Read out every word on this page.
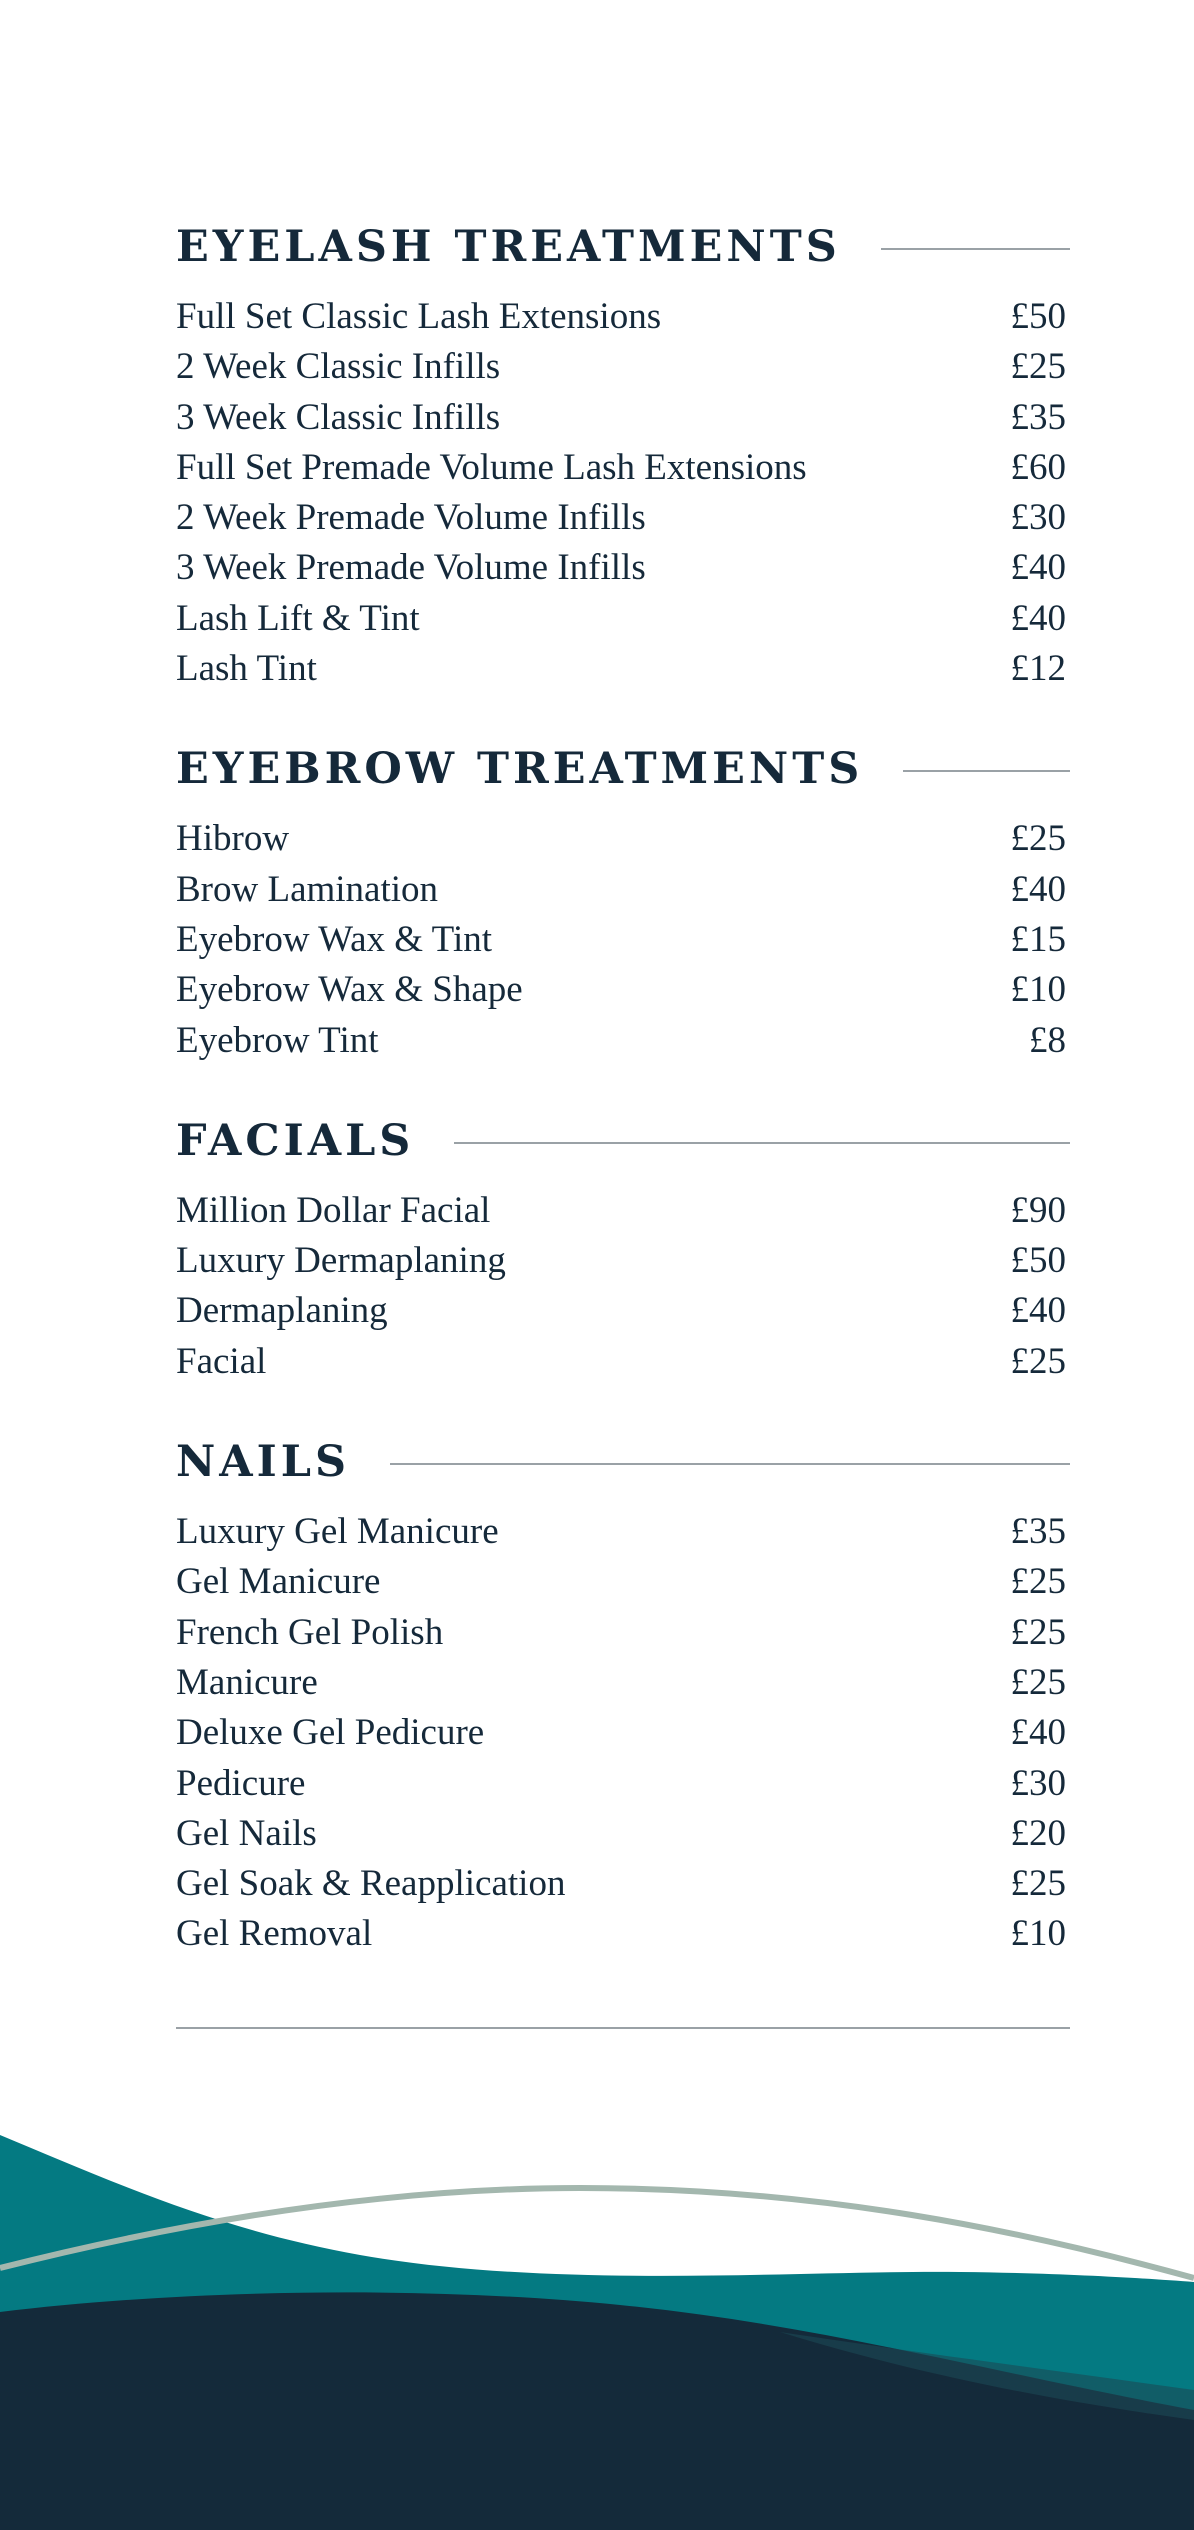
EYELASH TREATMENTS
Full Set Classic Lash Extensions	£50
2 Week Classic Infills	£25
3 Week Classic Infills	£35
Full Set Premade Volume Lash Extensions	£60
2 Week Premade Volume Infills	£30
3 Week Premade Volume Infills	£40
Lash Lift & Tint	£40
Lash Tint	£12
EYEBROW TREATMENTS
Hibrow	£25
Brow Lamination	£40
Eyebrow Wax & Tint	£15
Eyebrow Wax & Shape	£10
Eyebrow Tint	£8
FACIALS
Million Dollar Facial	£90
Luxury Dermaplaning	£50
Dermaplaning	£40
Facial	£25
NAILS
Luxury Gel Manicure	£35
Gel Manicure	£25
French Gel Polish	£25
Manicure	£25
Deluxe Gel Pedicure	£40
Pedicure	£30
Gel Nails	£20
Gel Soak & Reapplication	£25
Gel Removal	£10
